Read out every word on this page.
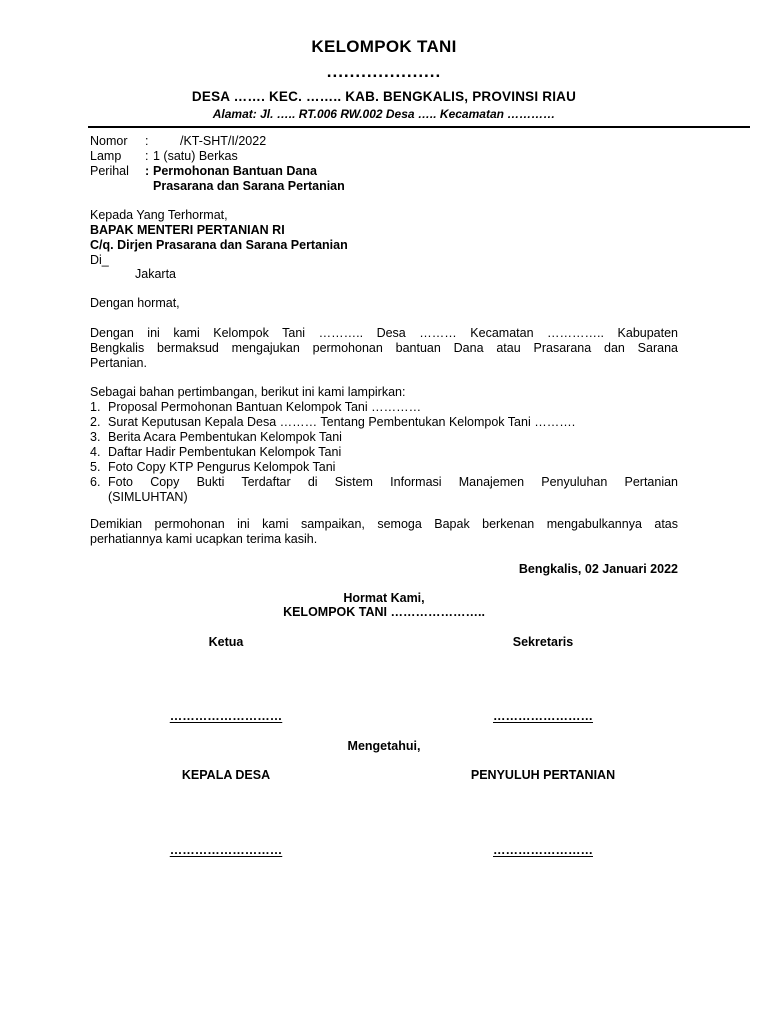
KELOMPOK TANI
....................
DESA ……. KEC. …….. KAB. BENGKALIS, PROVINSI RIAU
Alamat: Jl. ….. RT.006 RW.002 Desa ….. Kecamatan …………
Nomor :	/KT-SHT/I/2022
Lamp : 1 (satu) Berkas
Perihal : Permohonan Bantuan Dana
Prasarana dan Sarana Pertanian
Kepada Yang Terhormat,
BAPAK MENTERI PERTANIAN RI
C/q. Dirjen Prasarana dan Sarana Pertanian
Di_
Jakarta
Dengan hormat,
Dengan ini kami Kelompok Tani ……….. Desa ……… Kecamatan ………….. Kabupaten
Bengkalis bermaksud mengajukan permohonan bantuan Dana atau Prasarana dan Sarana
Pertanian.
Sebagai bahan pertimbangan, berikut ini kami lampirkan:
1. Proposal Permohonan Bantuan Kelompok Tani …………
2. Surat Keputusan Kepala Desa ……… Tentang Pembentukan Kelompok Tani ……….
3. Berita Acara Pembentukan Kelompok Tani
4. Daftar Hadir Pembentukan Kelompok Tani
5. Foto Copy KTP Pengurus Kelompok Tani
6. Foto Copy Bukti Terdaftar di Sistem Informasi Manajemen Penyuluhan Pertanian
(SIMLUHTAN)
Demikian permohonan ini kami sampaikan, semoga Bapak berkenan mengabulkannya atas
perhatiannya kami ucapkan terima kasih.
Bengkalis, 02 Januari 2022
Hormat Kami,
KELOMPOK TANI …………………..
Ketua	Sekretaris
………………………	……………………
Mengetahui,
KEPALA DESA	PENYULUH PERTANIAN
………………………	……………………
